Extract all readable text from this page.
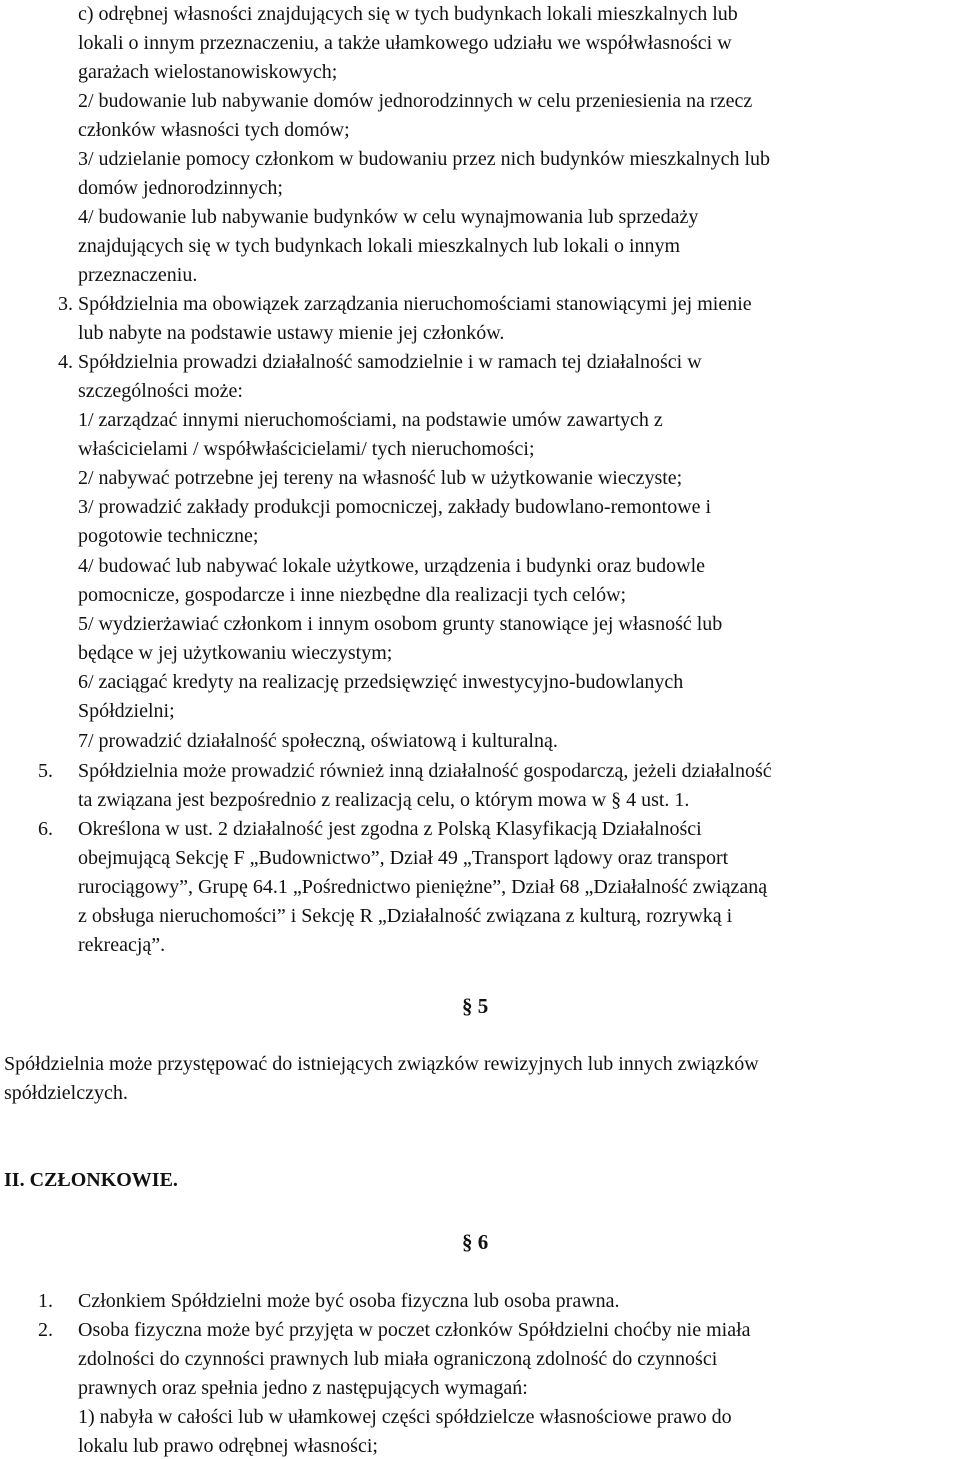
c) odrębnej własności znajdujących się w tych budynkach lokali mieszkalnych lub
lokali o innym przeznaczeniu, a także ułamkowego udziału we współwłasności w
garażach wielostanowiskowych;
2/ budowanie lub nabywanie domów jednorodzinnych w celu przeniesienia na rzecz
członków własności tych domów;
3/ udzielanie pomocy członkom w budowaniu przez nich budynków mieszkalnych lub
domów jednorodzinnych;
4/ budowanie lub nabywanie budynków w celu wynajmowania lub sprzedaży
znajdujących się w tych budynkach lokali mieszkalnych lub lokali o innym
przeznaczeniu.
3. Spółdzielnia ma obowiązek zarządzania nieruchomościami stanowiącymi jej mienie
lub nabyte na podstawie ustawy mienie jej członków.
4. Spółdzielnia prowadzi działalność samodzielnie i w ramach tej działalności w
szczególności może:
1/ zarządzać innymi nieruchomościami, na podstawie umów zawartych z
właścicielami / współwłaścicielami/ tych nieruchomości;
2/ nabywać potrzebne jej tereny na własność lub w użytkowanie wieczyste;
3/ prowadzić zakłady produkcji pomocniczej, zakłady budowlano-remontowe i
pogotowie techniczne;
4/ budować lub nabywać lokale użytkowe, urządzenia i budynki oraz budowle
pomocnicze, gospodarcze i inne niezbędne dla realizacji tych celów;
5/ wydzierżawiać członkom i innym osobom grunty stanowiące jej własność lub
będące w jej użytkowaniu wieczystym;
6/ zaciągać kredyty na realizację przedsięwzięć inwestycyjno-budowlanych
Spółdzielni;
7/ prowadzić działalność społeczną, oświatową i kulturalną.
5. Spółdzielnia może prowadzić również inną działalność gospodarczą, jeżeli działalność
ta związana jest bezpośrednio z realizacją celu, o którym mowa w § 4 ust. 1.
6. Określona w ust. 2 działalność jest zgodna z Polską Klasyfikacją Działalności
obejmującą Sekcję F „Budownictwo”, Dział 49 „Transport lądowy oraz transport
rurociągowy”, Grupę 64.1 „Pośrednictwo pieniężne”, Dział 68 „Działalność związaną
z obsługa nieruchomości” i Sekcję R „Działalność związana z kulturą, rozrywką i
rekreacją”.
§ 5
Spółdzielnia może przystępować do istniejących związków rewizyjnych lub innych związków
spółdzielczych.
II. CZŁONKOWIE.
§ 6
1. Członkiem Spółdzielni może być osoba fizyczna lub osoba prawna.
2. Osoba fizyczna może być przyjęta w poczet członków Spółdzielni choćby nie miała
zdolności do czynności prawnych lub miała ograniczoną zdolność do czynności
prawnych oraz spełnia jedno z następujących wymagań:
1) nabyła w całości lub w ułamkowej części spółdzielcze własnościowe prawo do
lokalu lub prawo odrębnej własności;
